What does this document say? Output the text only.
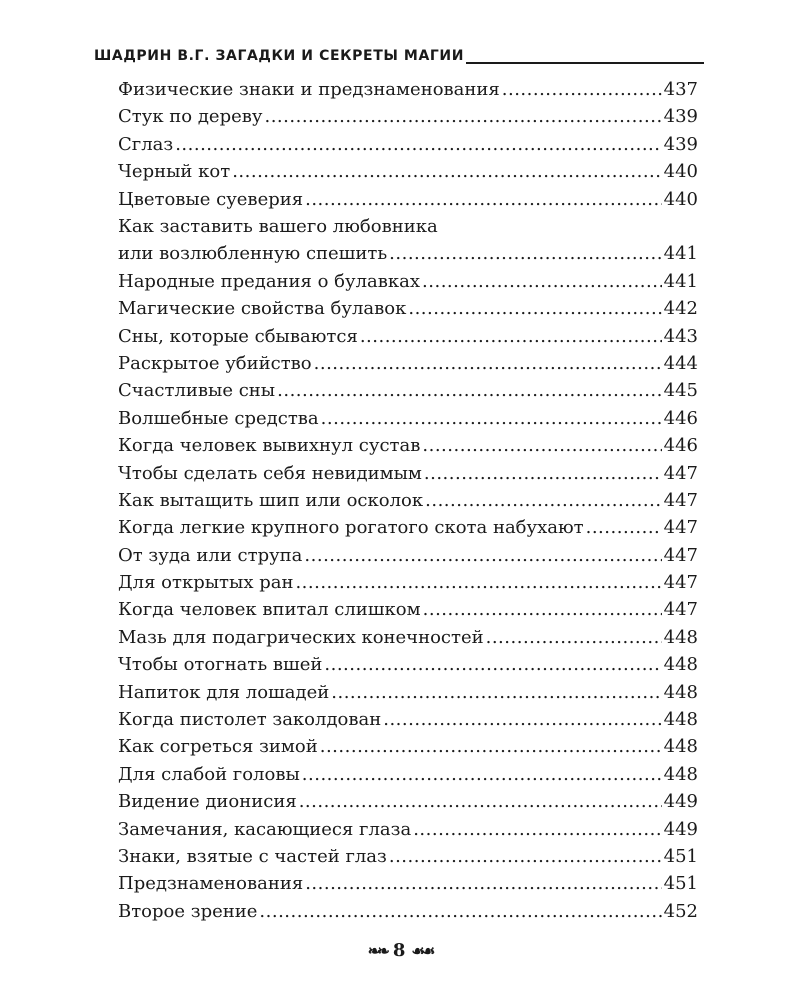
ШАДРИН В.Г. ЗАГАДКИ И СЕКРЕТЫ МАГИИ
Физические знаки и предзнаменования .....	437
Стук по дереву .....	439
Сглаз .....	439
Черный кот .....	440
Цветовые суеверия .....	440
Как заставить вашего любовника
или возлюбленную спешить .....	441
Народные предания о булавках .....	441
Магические свойства булавок .....	442
Сны, которые сбываются .....	443
Раскрытое убийство .....	444
Счастливые сны .....	445
Волшебные средства .....	446
Когда человек вывихнул сустав .....	446
Чтобы сделать себя невидимым .....	447
Как вытащить шип или осколок .....	447
Когда легкие крупного рогатого скота набухают .....	447
От зуда или струпа .....	447
Для открытых ран .....	447
Когда человек впитал слишком .....	447
Мазь для подагрических конечностей .....	448
Чтобы отогнать вшей .....	448
Напиток для лошадей .....	448
Когда пистолет заколдован .....	448
Как согреться зимой .....	448
Для слабой головы .....	448
Видение дионисия .....	449
Замечания, касающиеся глаза .....	449
Знаки, взятые с частей глаз .....	451
Предзнаменования .....	451
Второе зрение .....	452
❧❧ 8 ☙☙
